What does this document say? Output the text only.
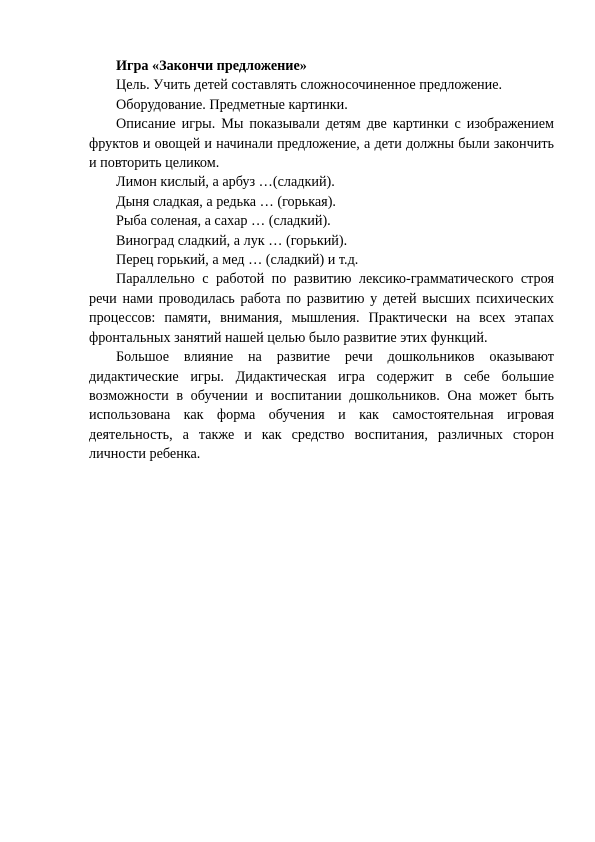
Игра «Закончи предложение»

Цель. Учить детей составлять сложносочиненное предложение.

Оборудование. Предметные картинки.

Описание игры. Мы показывали детям две картинки с изображением фруктов и овощей и начинали предложение, а дети должны были закончить и повторить целиком.

Лимон кислый, а арбуз …(сладкий).

Дыня сладкая, а редька … (горькая).

Рыба соленая, а сахар … (сладкий).

Виноград сладкий, а лук … (горький).

Перец горький, а мед … (сладкий) и т.д.

Параллельно с работой по развитию лексико-грамматического строя речи нами проводилась работа по развитию у детей высших психических процессов: памяти, внимания, мышления. Практически на всех этапах фронтальных занятий нашей целью было развитие этих функций.

Большое влияние на развитие речи дошкольников оказывают дидактические игры. Дидактическая игра содержит в себе большие возможности в обучении и воспитании дошкольников. Она может быть использована как форма обучения и как самостоятельная игровая деятельность, а также и как средство воспитания, различных сторон личности ребенка.
